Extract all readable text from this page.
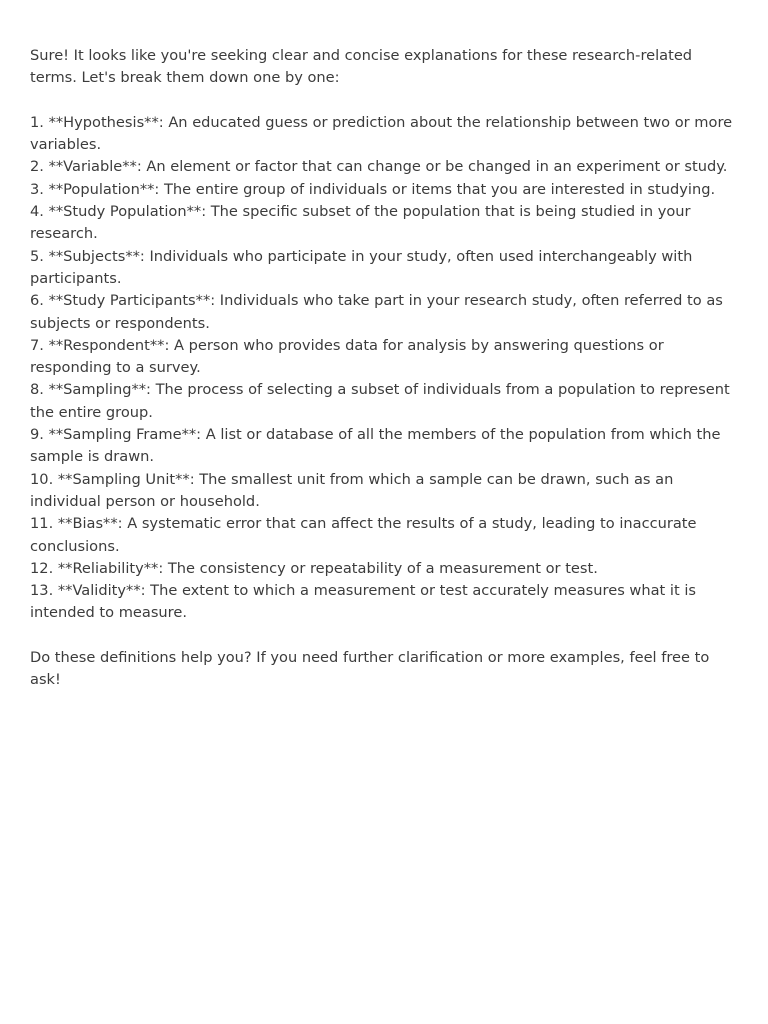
Sure! It looks like you're seeking clear and concise explanations for these research-related terms. Let's break them down one by one:

1. **Hypothesis**: An educated guess or prediction about the relationship between two or more variables.

2. **Variable**: An element or factor that can change or be changed in an experiment or study.

3. **Population**: The entire group of individuals or items that you are interested in studying.

4. **Study Population**: The specific subset of the population that is being studied in your research.

5. **Subjects**: Individuals who participate in your study, often used interchangeably with participants.

6. **Study Participants**: Individuals who take part in your research study, often referred to as subjects or respondents.

7. **Respondent**: A person who provides data for analysis by answering questions or responding to a survey.

8. **Sampling**: The process of selecting a subset of individuals from a population to represent the entire group.

9. **Sampling Frame**: A list or database of all the members of the population from which the sample is drawn.

10. **Sampling Unit**: The smallest unit from which a sample can be drawn, such as an individual person or household.

11. **Bias**: A systematic error that can affect the results of a study, leading to inaccurate conclusions.

12. **Reliability**: The consistency or repeatability of a measurement or test.

13. **Validity**: The extent to which a measurement or test accurately measures what it is intended to measure.

Do these definitions help you? If you need further clarification or more examples, feel free to ask!
